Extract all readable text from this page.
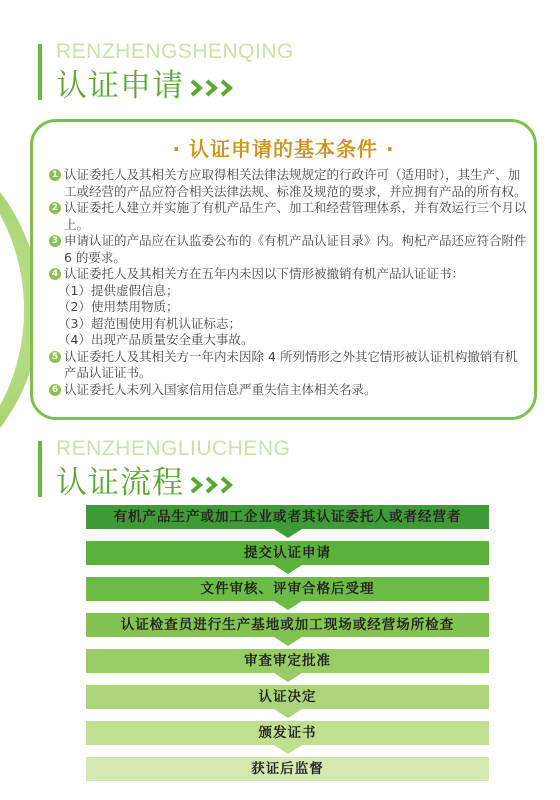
RENZHENGSHENQING
认证申请
· 认证申请的基本条件 ·
1 认证委托人及其相关方应取得相关法律法规规定的行政许可（适用时），其生产、加工或经营的产品应符合相关法律法规、标准及规范的要求，并应拥有产品的所有权。
2 认证委托人建立并实施了有机产品生产、加工和经营管理体系，并有效运行三个月以上。
3 申请认证的产品应在认监委公布的《有机产品认证目录》内。枸杞产品还应符合附件 6 的要求。
4 认证委托人及其相关方在五年内未因以下情形被撤销有机产品认证证书：
（1）提供虚假信息；
（2）使用禁用物质；
（3）超范围使用有机认证标志；
（4）出现产品质量安全重大事故。
5 认证委托人及其相关方一年内未因除 4 所列情形之外其它情形被认证机构撤销有机产品认证证书。
6 认证委托人未列入国家信用信息严重失信主体相关名录。
RENZHENGLIUCHENG
认证流程
有机产品生产或加工企业或者其认证委托人或者经营者
提交认证申请
文件审核、评审合格后受理
认证检查员进行生产基地或加工现场或经营场所检查
审查审定批准
认证决定
颁发证书
获证后监督
